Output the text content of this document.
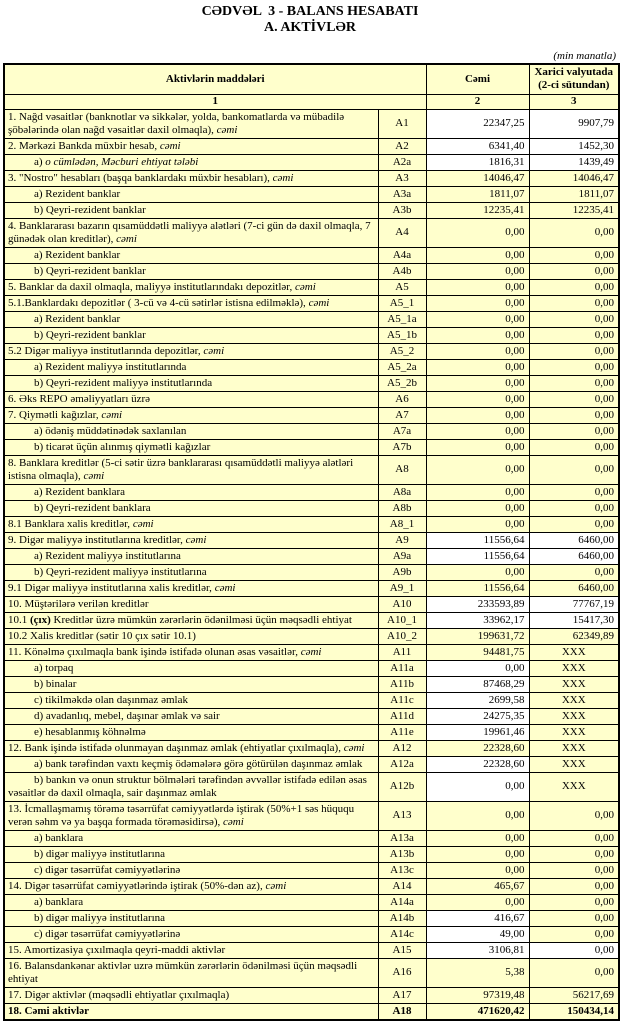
CƏDVƏL  3 - BALANS HESABATI
A. AKTİVLƏR
(min manatla)
Aktivlərin maddələri		Cəmi	Xarici valyutada (2-ci sütundan)
1		2	3
1. Nağd vəsaitlər (banknotlar və sikkələr, yolda, bankomatlarda və mübadilə şöbələrində olan nağd vəsaitlər daxil olmaqla), cəmi	A1	22347,25	9907,79
2. Mərkəzi Bankda müxbir hesab, cəmi	A2	6341,40	1452,30
a) o cümlədən, Məcburi ehtiyat tələbi	A2a	1816,31	1439,49
3. "Nostro" hesabları (başqa banklardakı müxbir hesabları), cəmi	A3	14046,47	14046,47
a) Rezident banklar	A3a	1811,07	1811,07
b) Qeyri-rezident banklar	A3b	12235,41	12235,41
4. Banklararası bazarın qısamüddətli maliyyə alətləri (7-ci gün də daxil olmaqla, 7 günədək olan kreditlər), cəmi	A4	0,00	0,00
a) Rezident banklar	A4a	0,00	0,00
b) Qeyri-rezident banklar	A4b	0,00	0,00
5. Banklar da daxil olmaqla, maliyyə institutlarındakı depozitlər, cəmi	A5	0,00	0,00
5.1.Banklardakı depozitlər ( 3-cü və 4-cü sətirlər istisna edilməklə), cəmi	A5_1	0,00	0,00
a) Rezident banklar	A5_1a	0,00	0,00
b) Qeyri-rezident banklar	A5_1b	0,00	0,00
5.2 Digər maliyyə institutlarında depozitlər, cəmi	A5_2	0,00	0,00
a) Rezident maliyyə institutlarında	A5_2a	0,00	0,00
b) Qeyri-rezident maliyyə institutlarında	A5_2b	0,00	0,00
6. Əks REPO əməliyyatları üzrə	A6	0,00	0,00
7. Qiymətli kağızlar, cəmi	A7	0,00	0,00
a) ödəniş müddətinədək saxlanılan	A7a	0,00	0,00
b) ticarət üçün alınmış qiymətli kağızlar	A7b	0,00	0,00
8. Banklara kreditlər (5-ci sətir üzrə banklararası qısamüddətli maliyyə alətləri istisna olmaqla), cəmi	A8	0,00	0,00
a) Rezident banklara	A8a	0,00	0,00
b) Qeyri-rezident banklara	A8b	0,00	0,00
8.1 Banklara xalis kreditlər, cəmi	A8_1	0,00	0,00
9. Digər maliyyə institutlarına kreditlər, cəmi	A9	11556,64	6460,00
a) Rezident maliyyə institutlarına	A9a	11556,64	6460,00
b) Qeyri-rezident maliyyə institutlarına	A9b	0,00	0,00
9.1 Digər maliyyə institutlarına xalis kreditlər, cəmi	A9_1	11556,64	6460,00
10. Müştərilərə verilən kreditlər	A10	233593,89	77767,19
10.1 (çıx) Kreditlər üzrə mümkün zərərlərin ödənilməsi üçün məqsədli ehtiyat	A10_1	33962,17	15417,30
10.2 Xalis kreditlər (sətir 10 çıx sətir 10.1)	A10_2	199631,72	62349,89
11. Könəlmə çıxılmaqla bank işində istifadə olunan əsas vəsaitlər, cəmi	A11	94481,75	XXX
a) torpaq	A11a	0,00	XXX
b) binalar	A11b	87468,29	XXX
c) tikilməkdə olan daşınmaz əmlak	A11c	2699,58	XXX
d) avadanlıq, mebel, daşınar əmlak və sair	A11d	24275,35	XXX
e) hesablanmış köhnəlmə	A11e	19961,46	XXX
12. Bank işində istifadə olunmayan daşınmaz əmlak (ehtiyatlar çıxılmaqla), cəmi	A12	22328,60	XXX
a) bank tərəfindən vaxtı keçmiş ödəmələrə görə götürülən daşınmaz əmlak	A12a	22328,60	XXX
b) bankın və onun struktur bölmələri tərəfindən əvvəllər istifadə edilən əsas vəsaitlər də daxil olmaqla, sair daşınmaz əmlak	A12b	0,00	XXX
13. İcmallaşmamış törəmə təsərrüfat cəmiyyətlərdə iştirak (50%+1 səs hüququ verən səhm və ya başqa formada törəməsidirsə), cəmi	A13	0,00	0,00
a) banklara	A13a	0,00	0,00
b) digər maliyyə institutlarına	A13b	0,00	0,00
c) digər təsərrüfat cəmiyyətlərinə	A13c	0,00	0,00
14. Digər təsərrüfat cəmiyyətlərində iştirak (50%-dən az), cəmi	A14	465,67	0,00
a) banklara	A14a	0,00	0,00
b) digər maliyyə institutlarına	A14b	416,67	0,00
c) digər təsərrüfat cəmiyyətlərinə	A14c	49,00	0,00
15. Amortizasiya çıxılmaqla qeyri-maddi aktivlər	A15	3106,81	0,00
16. Balansdankənar aktivlər uzrə mümkün zərərlərin ödənilməsi üçün məqsədli ehtiyat	A16	5,38	0,00
17. Digər aktivlər (məqsədli ehtiyatlar çıxılmaqla)	A17	97319,48	56217,69
18. Cəmi aktivlər	A18	471620,42	150434,14
